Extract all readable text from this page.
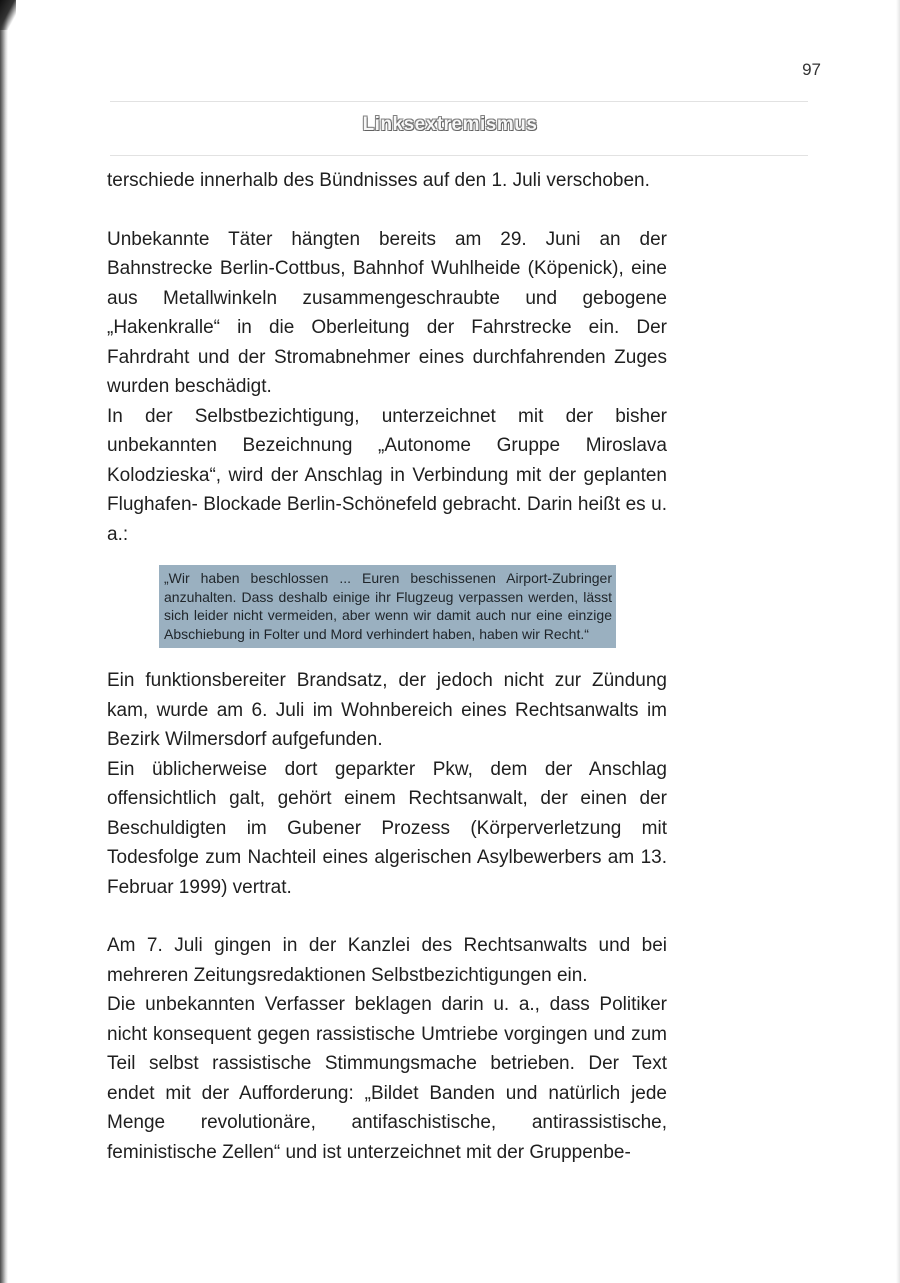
97
Linksextremismus

terschiede innerhalb des Bündnisses auf den 1. Juli verschoben.

Unbekannte Täter hängten bereits am 29. Juni an der Bahnstrecke Berlin-Cottbus, Bahnhof Wuhlheide (Köpenick), eine aus Metallwinkeln zusammengeschraubte und gebogene „Hakenkralle“ in die Oberleitung der Fahrstrecke ein. Der Fahrdraht und der Stromabnehmer eines durchfahrenden Zuges wurden beschädigt.

In der Selbstbezichtigung, unterzeichnet mit der bisher unbekannten Bezeichnung „Autonome Gruppe Miroslava Kolodzieska“, wird der Anschlag in Verbindung mit der geplanten Flughafen- Blockade Berlin-Schönefeld gebracht. Darin heißt es u. a.:

„Wir haben beschlossen ... Euren beschissenen Airport-Zubringer anzuhalten. Dass deshalb einige ihr Flugzeug verpassen werden, lässt sich leider nicht vermeiden, aber wenn wir damit auch nur eine einzige Abschiebung in Folter und Mord verhindert haben, haben wir Recht.“

Ein funktionsbereiter Brandsatz, der jedoch nicht zur Zündung kam, wurde am 6. Juli im Wohnbereich eines Rechtsanwalts im Bezirk Wilmersdorf aufgefunden.

Ein üblicherweise dort geparkter Pkw, dem der Anschlag offensichtlich galt, gehört einem Rechtsanwalt, der einen der Beschuldigten im Gubener Prozess (Körperverletzung mit Todesfolge zum Nachteil eines algerischen Asylbewerbers am 13. Februar 1999) vertrat.

Am 7. Juli gingen in der Kanzlei des Rechtsanwalts und bei mehreren Zeitungsredaktionen Selbstbezichtigungen ein.

Die unbekannten Verfasser beklagen darin u. a., dass Politiker nicht konsequent gegen rassistische Umtriebe vorgingen und zum Teil selbst rassistische Stimmungsmache betrieben. Der Text endet mit der Aufforderung: „Bildet Banden und natürlich jede Menge revolutionäre, antifaschistische, antirassistische, feministische Zellen“ und ist unterzeichnet mit der Gruppenbe-
